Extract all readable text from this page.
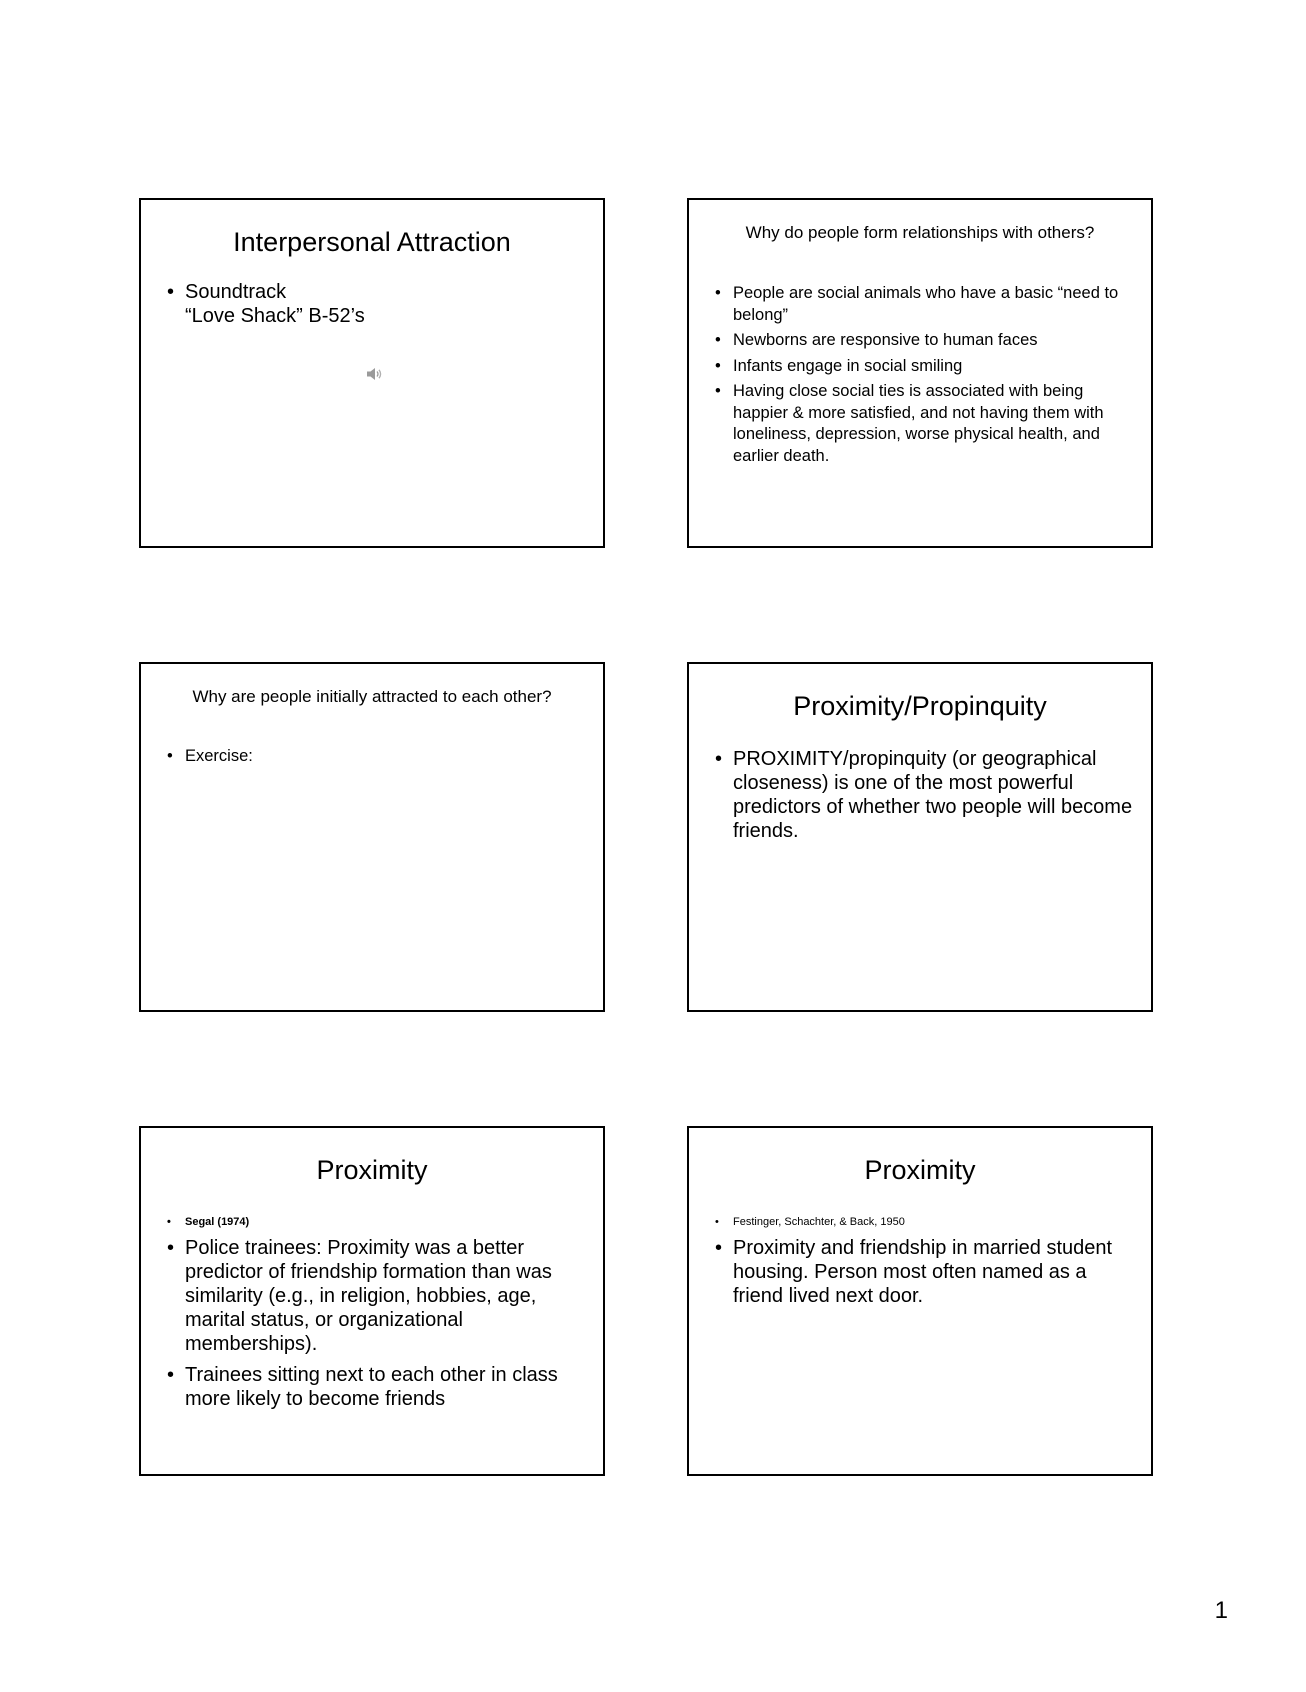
Interpersonal Attraction
• Soundtrack
“Love Shack” B-52’s
Why do people form relationships with others?
• People are social animals who have a basic “need to belong”
• Newborns are responsive to human faces
• Infants engage in social smiling
• Having close social ties is associated with being happier & more satisfied, and not having them with loneliness, depression, worse physical health, and earlier death.
Why are people initially attracted to each other?
• Exercise:
Proximity/Propinquity
• PROXIMITY/propinquity (or geographical closeness) is one of the most powerful predictors of whether two people will become friends.
Proximity
• Segal (1974)
• Police trainees: Proximity was a better predictor of friendship formation than was similarity (e.g., in religion, hobbies, age, marital status, or organizational memberships).
• Trainees sitting next to each other in class more likely to become friends
Proximity
• Festinger, Schachter, & Back, 1950
• Proximity and friendship in married student housing. Person most often named as a friend lived next door.
1
